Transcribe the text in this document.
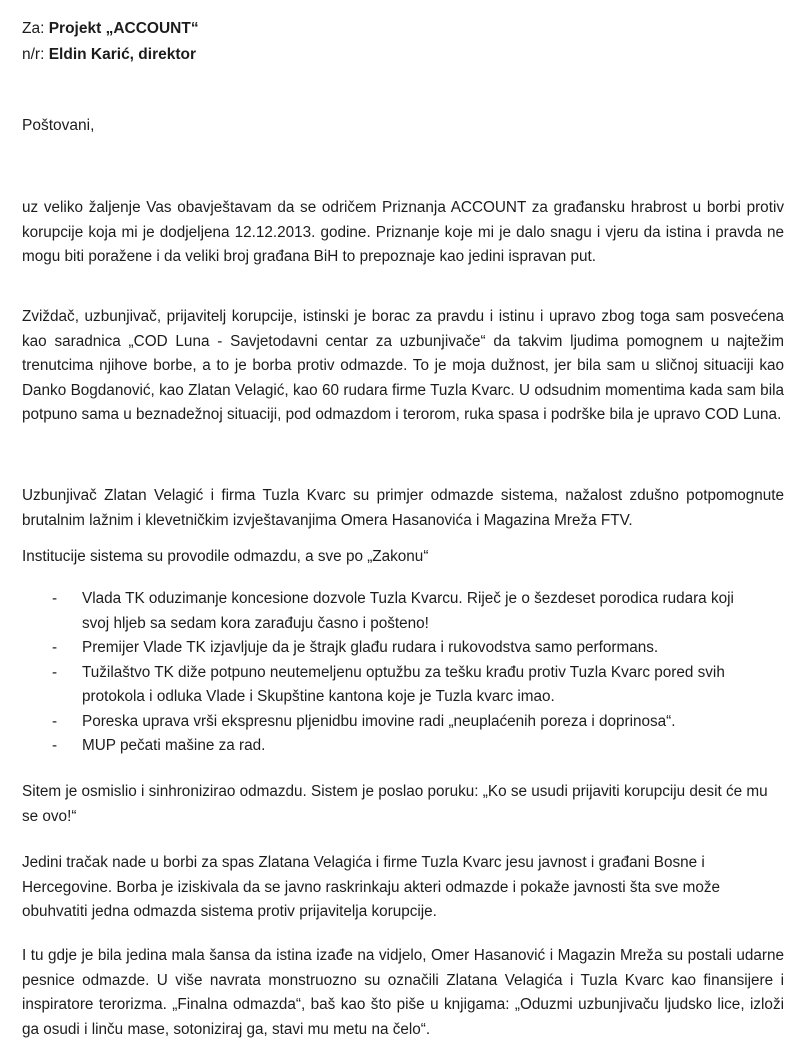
Za: Projekt „ACCOUNT“
n/r: Eldin Karić, direktor
Poštovani,

uz veliko žaljenje Vas obavještavam da se odričem Priznanja ACCOUNT za građansku hrabrost u borbi protiv korupcije koja mi je dodjeljena 12.12.2013. godine. Priznanje koje mi je dalo snagu i vjeru da istina i pravda ne mogu biti poražene i da veliki broj građana BiH to prepoznaje kao jedini ispravan put.

Zviždač, uzbunjivač, prijavitelj korupcije, istinski je borac za pravdu i istinu i upravo zbog toga sam posvećena kao saradnica „COD Luna - Savjetodavni centar za uzbunjivače“ da takvim ljudima pomognem u najtežim trenutcima njihove borbe, a to je borba protiv odmazde. To je moja dužnost, jer bila sam u sličnoj situaciji kao Danko Bogdanović, kao Zlatan Velagić, kao 60 rudara firme Tuzla Kvarc. U odsudnim momentima kada sam bila potpuno sama u beznadežnoj situaciji, pod odmazdom i terorom, ruka spasa i podrške bila je upravo COD Luna.

Uzbunjivač Zlatan Velagić i firma Tuzla Kvarc su primjer odmazde sistema, nažalost zdušno potpomognute brutalnim lažnim i klevetničkim izvještavanjima Omera Hasanovića i Magazina Mreža FTV.

Institucije sistema su provodile odmazdu, a sve po „Zakonu“

- Vlada TK oduzimanje koncesione dozvole Tuzla Kvarcu. Riječ je o šezdeset porodica rudara koji svoj hljeb sa sedam kora zarađuju časno i pošteno!
- Premijer Vlade TK izjavljuje da je štrajk glađu rudara i rukovodstva samo performans.
- Tužilaštvo TK diže potpuno neutemeljenu optužbu za tešku krađu protiv Tuzla Kvarc pored svih protokola i odluka Vlade i Skupštine kantona koje je Tuzla kvarc imao.
- Poreska uprava vrši ekspresnu pljenidbu imovine radi „neuplaćenih poreza i doprinosa“.
- MUP pečati mašine za rad.

Sitem je osmislio i sinhronizirao odmazdu. Sistem je poslao poruku: „Ko se usudi prijaviti korupciju desit će mu se ovo!“

Jedini tračak nade u borbi za spas Zlatana Velagića i firme Tuzla Kvarc jesu javnost i građani Bosne i Hercegovine. Borba je iziskivala da se javno raskrinkaju akteri odmazde i pokaže javnosti šta sve može obuhvatiti jedna odmazda sistema protiv prijavitelja korupcije.

I tu gdje je bila jedina mala šansa da istina izađe na vidjelo, Omer Hasanović i Magazin Mreža su postali udarne pesnice odmazde. U više navrata monstruozno su označili Zlatana Velagića i Tuzla Kvarc kao finansijere i inspiratore terorizma. „Finalna odmazda“, baš kao što piše u knjigama: „Oduzmi uzbunjivaču ljudsko lice, izloži ga osudi i linču mase, sotoniziraj ga, stavi mu metu na čelo“.
